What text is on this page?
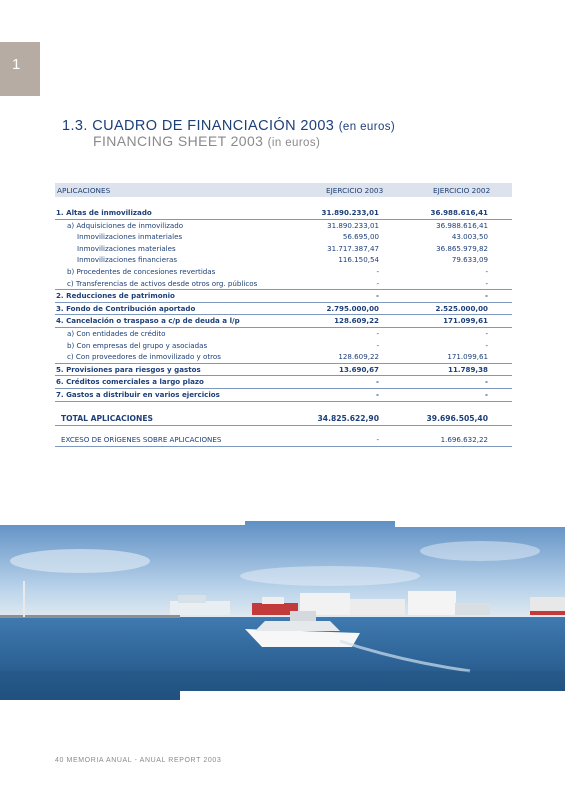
1
1.3. CUADRO DE FINANCIACIÓN 2003 (en euros)
FINANCING SHEET 2003 (in euros)
APLICACIONES	EJERCICIO 2003	EJERCICIO 2002
1. Altas de inmovilizado	31.890.233,01	36.988.616,41
a) Adquisiciones de inmovilizado	31.890.233,01	36.988.616,41
Inmovilizaciones inmateriales	56.695,00	43.003,50
Inmovilizaciones materiales	31.717.387,47	36.865.979,82
Inmovilizaciones financieras	116.150,54	79.633,09
b) Procedentes de concesiones revertidas	-	-
c) Transferencias de activos desde otros org. públicos	-	-
2. Reducciones de patrimonio	-	-
3. Fondo de Contribución aportado	2.795.000,00	2.525.000,00
4. Cancelación o traspaso a c/p de deuda a l/p	128.609,22	171.099,61
a) Con entidades de crédito	-	-
b) Con empresas del grupo y asociadas	-	-
c) Con proveedores de inmovilizado y otros	128.609,22	171.099,61
5. Provisiones para riesgos y gastos	13.690,67	11.789,38
6. Créditos comerciales a largo plazo	-	-
7. Gastos a distribuir en varios ejercicios	-	-
TOTAL APLICACIONES	34.825.622,90	39.696.505,40
EXCESO DE ORÍGENES SOBRE APLICACIONES	-	1.696.632,22
40 MEMORIA ANUAL - ANUAL REPORT 2003
